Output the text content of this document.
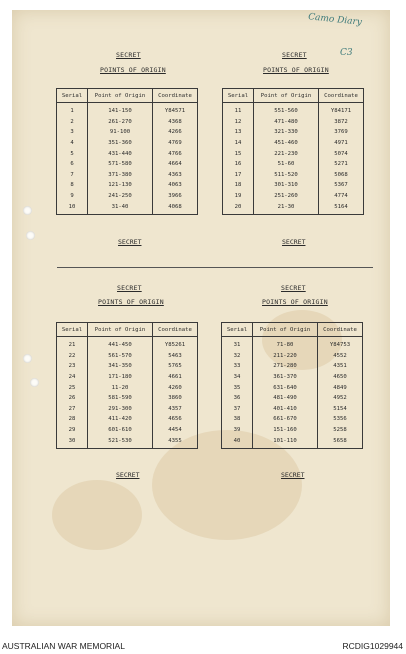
Camo Diary
C3
SECRET
POINTS OF ORIGIN
Serial	Point of Origin	Coordinate
1	141-150	Y84571
2	261-270	4368
3	91-100	4266
4	351-360	4769
5	431-440	4766
6	571-580	4664
7	371-380	4363
8	121-130	4063
9	241-250	3966
10	31-40	4068
SECRET
SECRET
POINTS OF ORIGIN
Serial	Point of Origin	Coordinate
11	551-560	Y84171
12	471-480	3872
13	321-330	3769
14	451-460	4971
15	221-230	5074
16	51-60	5271
17	511-520	5068
18	301-310	5367
19	251-260	4774
20	21-30	5164
SECRET
SECRET
POINTS OF ORIGIN
Serial	Point of Origin	Coordinate
21	441-450	Y85261
22	561-570	5463
23	341-350	5765
24	171-180	4661
25	11-20	4260
26	581-590	3860
27	291-300	4357
28	411-420	4656
29	601-610	4454
30	521-530	4355
SECRET
SECRET
POINTS OF ORIGIN
Serial	Point of Origin	Coordinate
31	71-80	Y84753
32	211-220	4552
33	271-280	4351
34	361-370	4650
35	631-640	4849
36	481-490	4952
37	401-410	5154
38	661-670	5356
39	151-160	5258
40	101-110	5658
SECRET
AUSTRALIAN WAR MEMORIAL	RCDIG1029944
